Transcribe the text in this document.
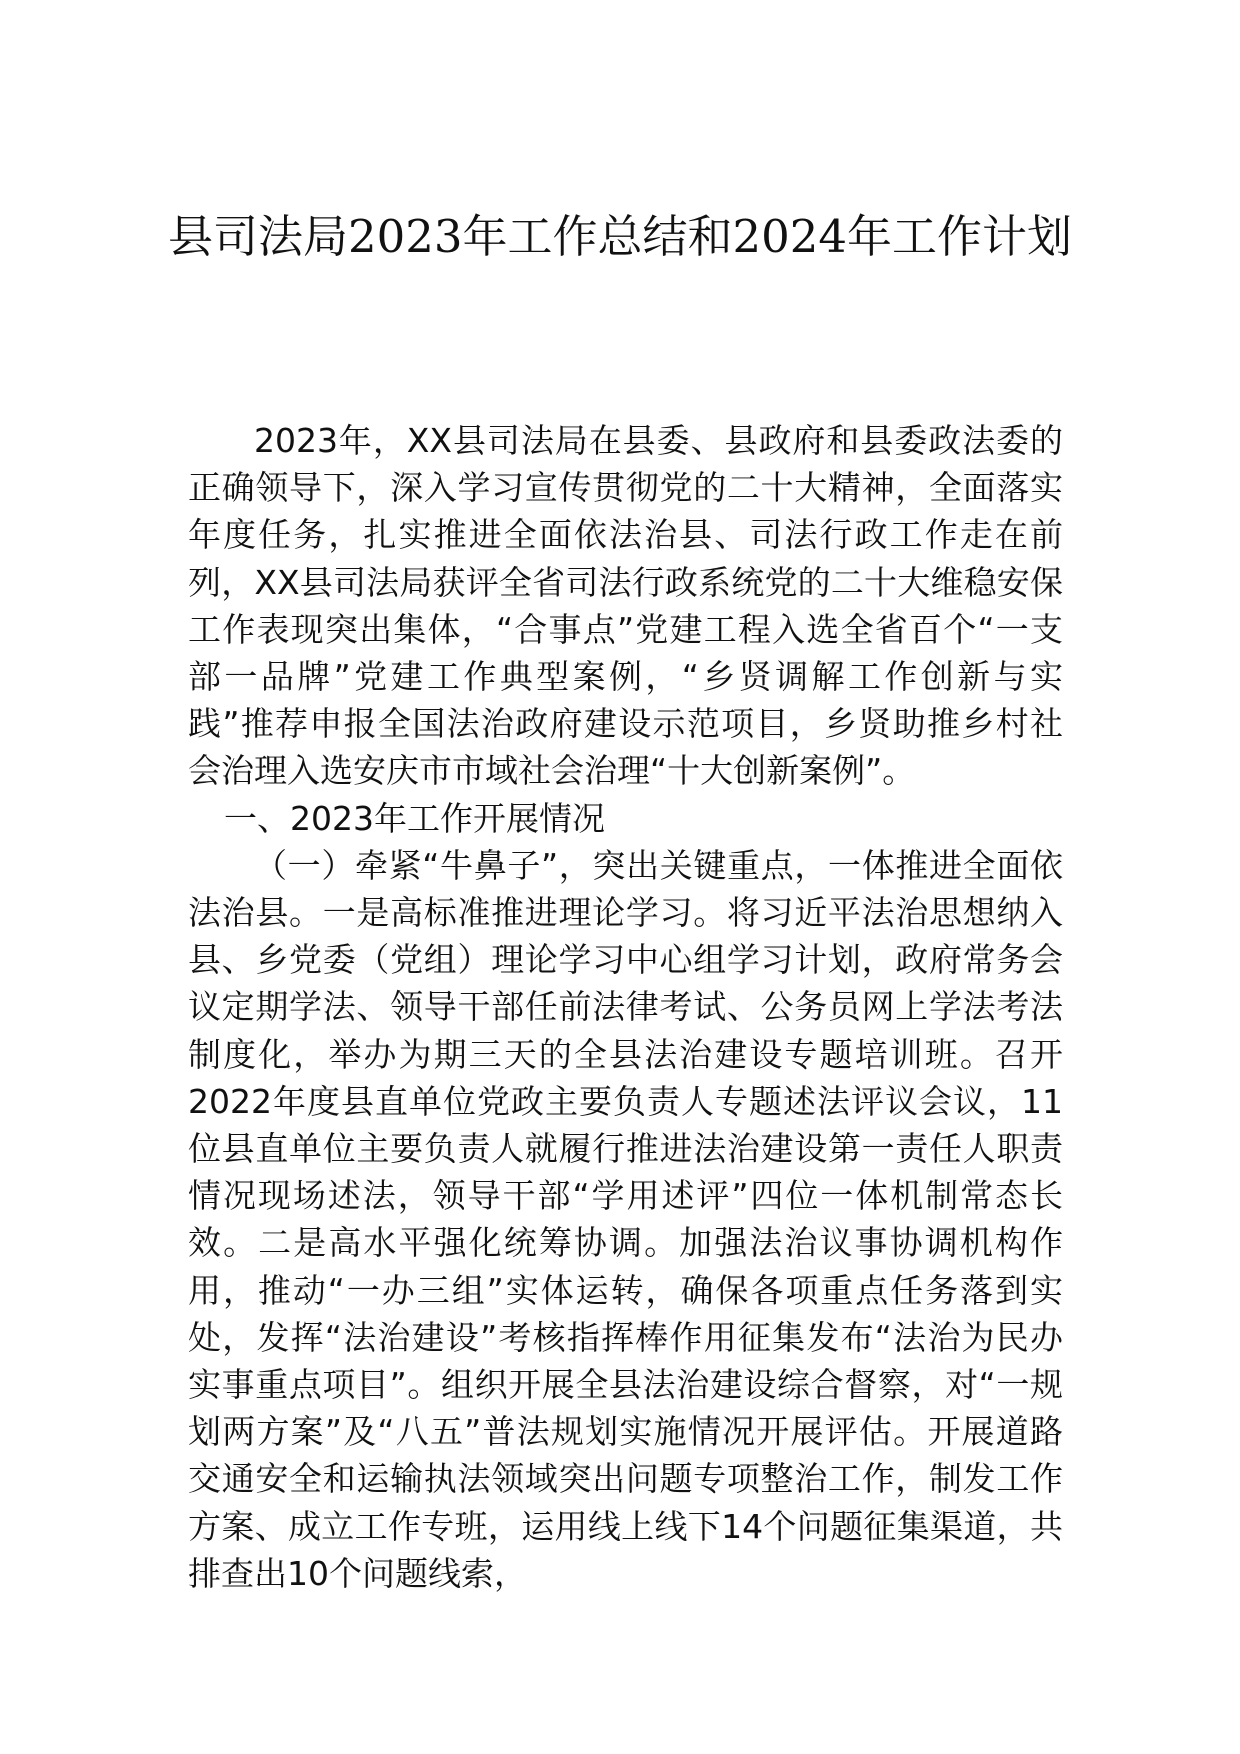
县司法局2023年工作总结和2024年工作计划

2023年，XX县司法局在县委、县政府和县委政法委的正确领导下，深入学习宣传贯彻党的二十大精神，全面落实年度任务，扎实推进全面依法治县、司法行政工作走在前列，XX县司法局获评全省司法行政系统党的二十大维稳安保工作表现突出集体，“合事点”党建工程入选全省百个“一支部一品牌”党建工作典型案例，“乡贤调解工作创新与实践”推荐申报全国法治政府建设示范项目，乡贤助推乡村社会治理入选安庆市市域社会治理“十大创新案例”。

一、2023年工作开展情况

（一）牵紧“牛鼻子”，突出关键重点，一体推进全面依法治县。一是高标准推进理论学习。将习近平法治思想纳入县、乡党委（党组）理论学习中心组学习计划，政府常务会议定期学法、领导干部任前法律考试、公务员网上学法考法制度化，举办为期三天的全县法治建设专题培训班。召开2022年度县直单位党政主要负责人专题述法评议会议，11位县直单位主要负责人就履行推进法治建设第一责任人职责情况现场述法，领导干部“学用述评”四位一体机制常态长效。二是高水平强化统筹协调。加强法治议事协调机构作用，推动“一办三组”实体运转，确保各项重点任务落到实处，发挥“法治建设”考核指挥棒作用征集发布“法治为民办实事重点项目”。组织开展全县法治建设综合督察，对“一规划两方案”及“八五”普法规划实施情况开展评估。开展道路交通安全和运输执法领域突出问题专项整治工作，制发工作方案、成立工作专班，运用线上线下14个问题征集渠道，共排查出10个问题线索，
